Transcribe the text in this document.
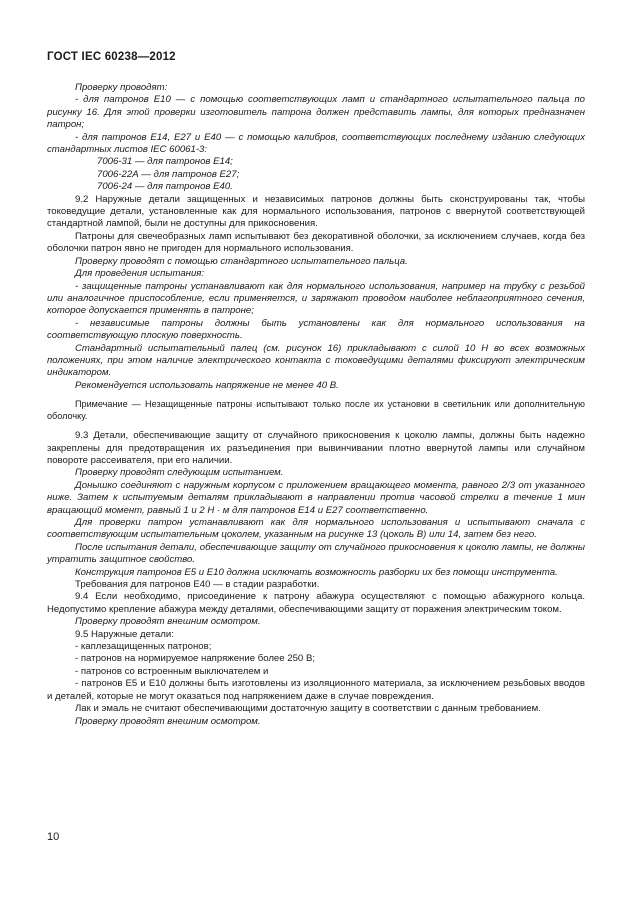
ГОСТ IEC 60238—2012

Проверку проводят:

- для патронов Е10 — с помощью соответствующих ламп и стандартного испытательного пальца по рисунку 16. Для этой проверки изготовитель патрона должен представить лампы, для которых предназначен патрон;

- для патронов Е14, Е27 и Е40 — с помощью калибров, соответствующих последнему изданию следующих стандартных листов IEC 60061-3:

7006-31 — для патронов Е14;

7006-22А — для патронов Е27;

7006-24 — для патронов Е40.

9.2 Наружные детали защищенных и независимых патронов должны быть сконструированы так, чтобы токоведущие детали, установленные как для нормального использования, патронов с ввернутой соответствующей стандартной лампой, были не доступны для прикосновения.

Патроны для свечеобразных ламп испытывают без декоративной оболочки, за исключением случаев, когда без оболочки патрон явно не пригоден для нормального использования.

Проверку проводят с помощью стандартного испытательного пальца.

Для проведения испытания:

- защищенные патроны устанавливают как для нормального использования, например на трубку с резьбой или аналогичное приспособление, если применяется, и заряжают проводом наиболее неблагоприятного сечения, которое допускается применять в патроне;

- независимые патроны должны быть установлены как для нормального использования на соответствующую плоскую поверхность.

Стандартный испытательный палец (см. рисунок 16) прикладывают с силой 10 Н во всех возможных положениях, при этом наличие электрического контакта с токоведущими деталями фиксируют электрическим индикатором.

Рекомендуется использовать напряжение не менее 40 В.

Примечание — Незащищенные патроны испытывают только после их установки в светильник или дополнительную оболочку.

9.3 Детали, обеспечивающие защиту от случайного прикосновения к цоколю лампы, должны быть надежно закреплены для предотвращения их разъединения при вывинчивании плотно ввернутой лампы или случайном повороте рассеивателя, при его наличии.

Проверку проводят следующим испытанием.

Донышко соединяют с наружным корпусом с приложением вращающего момента, равного 2/3 от указанного ниже. Затем к испытуемым деталям прикладывают в направлении против часовой стрелки в течение 1 мин вращающий момент, равный 1 и 2 Н · м для патронов Е14 и Е27 соответственно.

Для проверки патрон устанавливают как для нормального использования и испытывают сначала с соответствующим испытательным цоколем, указанным на рисунке 13 (цоколь В) или 14, затем без него.

После испытания детали, обеспечивающие защиту от случайного прикосновения к цоколю лампы, не должны утратить защитное свойство.

Конструкция патронов Е5 и Е10 должна исключать возможность разборки их без помощи инструмента.

Требования для патронов Е40 — в стадии разработки.

9.4 Если необходимо, присоединение к патрону абажура осуществляют с помощью абажурного кольца. Недопустимо крепление абажура между деталями, обеспечивающими защиту от поражения электрическим током.

Проверку проводят внешним осмотром.

9.5 Наружные детали:

- каплезащищенных патронов;

- патронов на нормируемое напряжение более 250 В;

- патронов со встроенным выключателем и

- патронов Е5 и Е10 должны быть изготовлены из изоляционного материала, за исключением резьбовых вводов и деталей, которые не могут оказаться под напряжением даже в случае повреждения.

Лак и эмаль не считают обеспечивающими достаточную защиту в соответствии с данным требованием.

Проверку проводят внешним осмотром.

10
